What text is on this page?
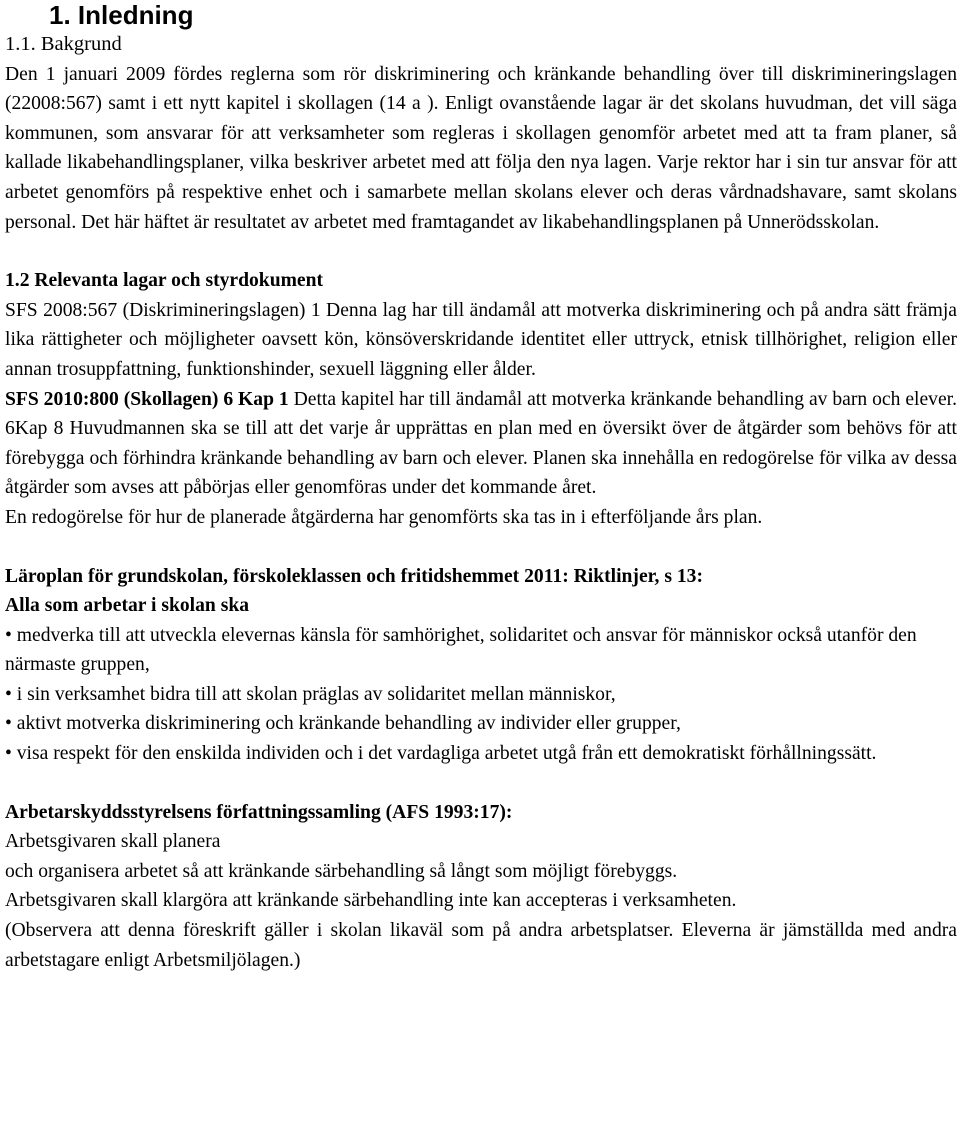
1. Inledning

1.1. Bakgrund

Den 1 januari 2009 fördes reglerna som rör diskriminering och kränkande behandling över till diskrimineringslagen (22008:567) samt i ett nytt kapitel i skollagen (14 a ). Enligt ovanstående lagar är det skolans huvudman, det vill säga kommunen, som ansvarar för att verksamheter som regleras i skollagen genomför arbetet med att ta fram planer, så kallade likabehandlingsplaner, vilka beskriver arbetet med att följa den nya lagen. Varje rektor har i sin tur ansvar för att arbetet genomförs på respektive enhet och i samarbete mellan skolans elever och deras vårdnadshavare, samt skolans personal. Det här häftet är resultatet av arbetet med framtagandet av likabehandlingsplanen på Unnerödsskolan.

1.2 Relevanta lagar och styrdokument

SFS 2008:567 (Diskrimineringslagen) 1 Denna lag har till ändamål att motverka diskriminering och på andra sätt främja lika rättigheter och möjligheter oavsett kön, könsöverskridande identitet eller uttryck, etnisk tillhörighet, religion eller annan trosuppfattning, funktionshinder, sexuell läggning eller ålder.

SFS 2010:800 (Skollagen) 6 Kap 1 Detta kapitel har till ändamål att motverka kränkande behandling av barn och elever. 6Kap 8 Huvudmannen ska se till att det varje år upprättas en plan med en översikt över de åtgärder som behövs för att förebygga och förhindra kränkande behandling av barn och elever. Planen ska innehålla en redogörelse för vilka av dessa åtgärder som avses att påbörjas eller genomföras under det kommande året.

En redogörelse för hur de planerade åtgärderna har genomförts ska tas in i efterföljande års plan.

Läroplan för grundskolan, förskoleklassen och fritidshemmet 2011: Riktlinjer, s 13:

Alla som arbetar i skolan ska

• medverka till att utveckla elevernas känsla för samhörighet, solidaritet och ansvar för människor också utanför den närmaste gruppen,

• i sin verksamhet bidra till att skolan präglas av solidaritet mellan människor,

• aktivt motverka diskriminering och kränkande behandling av individer eller grupper,

• visa respekt för den enskilda individen och i det vardagliga arbetet utgå från ett demokratiskt förhållningssätt.

Arbetarskyddsstyrelsens författningssamling (AFS 1993:17):

Arbetsgivaren skall planera

och organisera arbetet så att kränkande särbehandling så långt som möjligt förebyggs.

Arbetsgivaren skall klargöra att kränkande särbehandling inte kan accepteras i verksamheten.

(Observera att denna föreskrift gäller i skolan likaväl som på andra arbetsplatser. Eleverna är jämställda med andra arbetstagare enligt Arbetsmiljölagen.)
